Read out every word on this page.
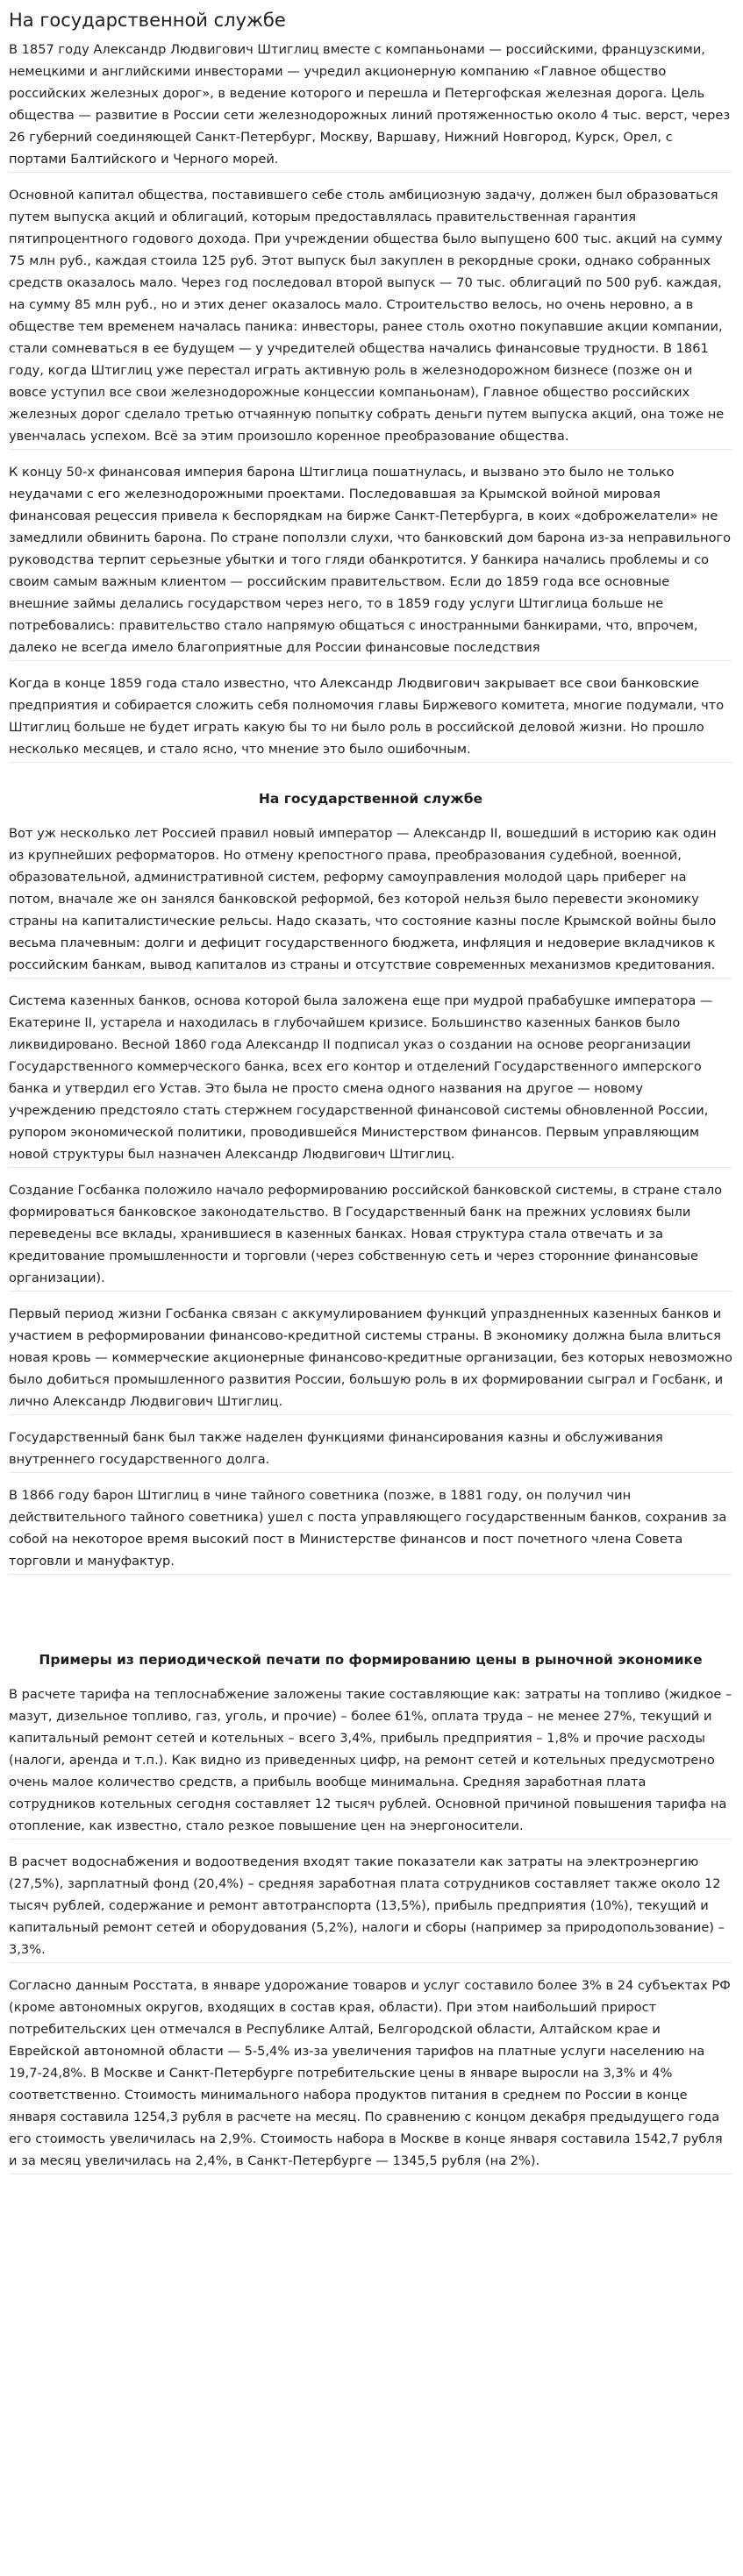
На государственной службе

В 1857 году Александр Людвигович Штиглиц вместе с компаньонами — российскими, французскими, немецкими и английскими инвесторами — учредил акционерную компанию «Главное общество российских железных дорог», в ведение которого и перешла и Петергофская железная дорога. Цель общества — развитие в России сети железнодорожных линий протяженностью около 4 тыс. верст, через 26 губерний соединяющей Санкт-Петербург, Москву, Варшаву, Нижний Новгород, Курск, Орел, с портами Балтийского и Черного морей.

Основной капитал общества, поставившего себе столь амбициозную задачу, должен был образоваться путем выпуска акций и облигаций, которым предоставлялась правительственная гарантия пятипроцентного годового дохода. При учреждении общества было выпущено 600 тыс. акций на сумму 75 млн руб., каждая стоила 125 руб. Этот выпуск был закуплен в рекордные сроки, однако собранных средств оказалось мало. Через год последовал второй выпуск — 70 тыс. облигаций по 500 руб. каждая, на сумму 85 млн руб., но и этих денег оказалось мало. Строительство велось, но очень неровно, а в обществе тем временем началась паника: инвесторы, ранее столь охотно покупавшие акции компании, стали сомневаться в ее будущем — у учредителей общества начались финансовые трудности. В 1861 году, когда Штиглиц уже перестал играть активную роль в железнодорожном бизнесе (позже он и вовсе уступил все свои железнодорожные концессии компаньонам), Главное общество российских железных дорог сделало третью отчаянную попытку собрать деньги путем выпуска акций, она тоже не увенчалась успехом. Всё за этим произошло коренное преобразование общества.

К концу 50-х финансовая империя барона Штиглица пошатнулась, и вызвано это было не только неудачами с его железнодорожными проектами. Последовавшая за Крымской войной мировая финансовая рецессия привела к беспорядкам на бирже Санкт-Петербурга, в коих «доброжелатели» не замедлили обвинить барона. По стране поползли слухи, что банковский дом барона из-за неправильного руководства терпит серьезные убытки и того гляди обанкротится. У банкира начались проблемы и со своим самым важным клиентом — российским правительством. Если до 1859 года все основные внешние займы делались государством через него, то в 1859 году услуги Штиглица больше не потребовались: правительство стало напрямую общаться с иностранными банкирами, что, впрочем, далеко не всегда имело благоприятные для России финансовые последствия

Когда в конце 1859 года стало известно, что Александр Людвигович закрывает все свои банковские предприятия и собирается сложить себя полномочия главы Биржевого комитета, многие подумали, что Штиглиц больше не будет играть какую бы то ни было роль в российской деловой жизни. Но прошло несколько месяцев, и стало ясно, что мнение это было ошибочным.

На государственной службе

Вот уж несколько лет Россией правил новый император — Александр II, вошедший в историю как один из крупнейших реформаторов. Но отмену крепостного права, преобразования судебной, военной, образовательной, административной систем, реформу самоуправления молодой царь приберег на потом, вначале же он занялся банковской реформой, без которой нельзя было перевести экономику страны на капиталистические рельсы. Надо сказать, что состояние казны после Крымской войны было весьма плачевным: долги и дефицит государственного бюджета, инфляция и недоверие вкладчиков к российским банкам, вывод капиталов из страны и отсутствие современных механизмов кредитования.

Система казенных банков, основа которой была заложена еще при мудрой прабабушке императора — Екатерине II, устарела и находилась в глубочайшем кризисе. Большинство казенных банков было ликвидировано. Весной 1860 года Александр II подписал указ о создании на основе реорганизации Государственного коммерческого банка, всех его контор и отделений Государственного имперского банка и утвердил его Устав. Это была не просто смена одного названия на другое — новому учреждению предстояло стать стержнем государственной финансовой системы обновленной России, рупором экономической политики, проводившейся Министерством финансов. Первым управляющим новой структуры был назначен Александр Людвигович Штиглиц.

Создание Госбанка положило начало реформированию российской банковской системы, в стране стало формироваться банковское законодательство. В Государственный банк на прежних условиях были переведены все вклады, хранившиеся в казенных банках. Новая структура стала отвечать и за кредитование промышленности и торговли (через собственную сеть и через сторонние финансовые организации).

Первый период жизни Госбанка связан с аккумулированием функций упраздненных казенных банков и участием в реформировании финансово-кредитной системы страны. В экономику должна была влиться новая кровь — коммерческие акционерные финансово-кредитные организации, без которых невозможно было добиться промышленного развития России, большую роль в их формировании сыграл и Госбанк, и лично Александр Людвигович Штиглиц.

Государственный банк был также наделен функциями финансирования казны и обслуживания внутреннего государственного долга.

В 1866 году барон Штиглиц в чине тайного советника (позже, в 1881 году, он получил чин действительного тайного советника) ушел с поста управляющего государственным банков, сохранив за собой на некоторое время высокий пост в Министерстве финансов и пост почетного члена Совета торговли и мануфактур.

Примеры из периодической печати по формированию цены в рыночной экономике

В расчете тарифа на теплоснабжение заложены такие составляющие как: затраты на топливо (жидкое – мазут, дизельное топливо, газ, уголь, и прочие) – более 61%, оплата труда – не менее 27%, текущий и капитальный ремонт сетей и котельных – всего 3,4%, прибыль предприятия – 1,8% и прочие расходы (налоги, аренда и т.п.). Как видно из приведенных цифр, на ремонт сетей и котельных предусмотрено очень малое количество средств, а прибыль вообще минимальна. Средняя заработная плата сотрудников котельных сегодня составляет 12 тысяч рублей. Основной причиной повышения тарифа на отопление, как известно, стало резкое повышение цен на энергоносители.

В расчет водоснабжения и водоотведения входят такие показатели как затраты на электроэнергию (27,5%), зарплатный фонд (20,4%) – средняя заработная плата сотрудников составляет также около 12 тысяч рублей, содержание и ремонт автотранспорта (13,5%), прибыль предприятия (10%), текущий и капитальный ремонт сетей и оборудования (5,2%), налоги и сборы (например за природопользование) – 3,3%.

Согласно данным Росстата, в январе удорожание товаров и услуг составило более 3% в 24 субъектах РФ (кроме автономных округов, входящих в состав края, области). При этом наибольший прирост потребительских цен отмечался в Республике Алтай, Белгородской области, Алтайском крае и Еврейской автономной области — 5-5,4% из-за увеличения тарифов на платные услуги населению на 19,7-24,8%. В Москве и Санкт-Петербурге потребительские цены в январе выросли на 3,3% и 4% соответственно. Стоимость минимального набора продуктов питания в среднем по России в конце января составила 1254,3 рубля в расчете на месяц. По сравнению с концом декабря предыдущего года его стоимость увеличилась на 2,9%. Стоимость набора в Москве в конце января составила 1542,7 рубля и за месяц увеличилась на 2,4%, в Санкт-Петербурге — 1345,5 рубля (на 2%).
